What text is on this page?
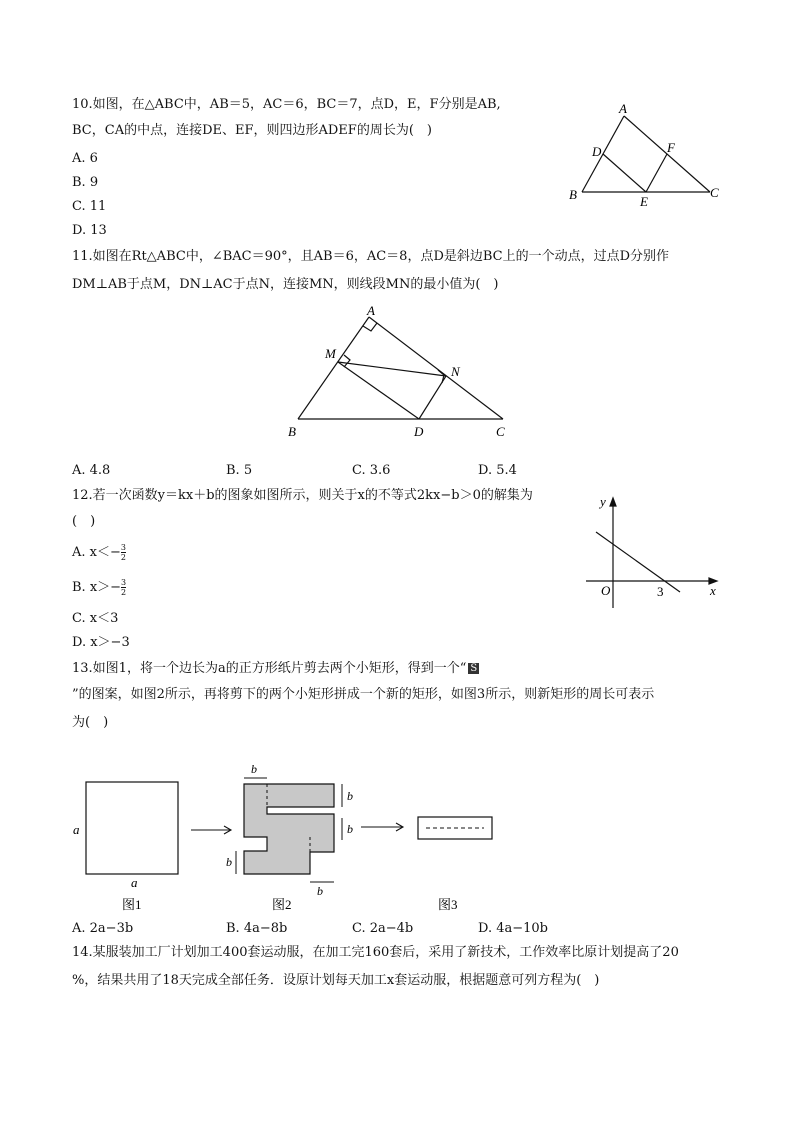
10.如图，在△ABC中，AB＝5，AC＝6，BC＝7，点D，E，F分别是AB,
BC，CA的中点，连接DE、EF，则四边形ADEF的周长为(　)
A. 6
B. 9
C. 11
D. 13
A
D	F
B	E
C
11.如图在Rt△ABC中，∠BAC＝90°，且AB＝6，AC＝8，点D是斜边BC上的一个动点，过点D分别作
DM⊥AB于点M，DN⊥AC于点N，连接MN，则线段MN的最小值为(　)
A
M
N
B	D	C
A. 4.8	B. 5	C. 3.6	D. 5.4
12.若一次函数y＝kx＋b的图象如图所示，则关于x的不等式2kx−b＞0的解集为
(　)
A. $x<- \frac{3}{2}$
B. $x>- \frac{3}{2}$
C. x＜3
D. x＞−3
y
x
O	3
13.如图1，将一个边长为a的正方形纸片剪去两个小矩形，得到一个“ S
”的图案，如图2所示，再将剪下的两个小矩形拼成一个新的矩形，如图3所示，则新矩形的周长可表示
为(　)
a
a
图1
b
b
b
b
b
图2	图3
A. 2a−3b	B. 4a−8b	C. 2a−4b	D. 4a−10b
14.某服装加工厂计划加工400套运动服，在加工完160套后，采用了新技术，工作效率比原计划提高了20
%，结果共用了18天完成全部任务．设原计划每天加工x套运动服，根据题意可列方程为(　)
